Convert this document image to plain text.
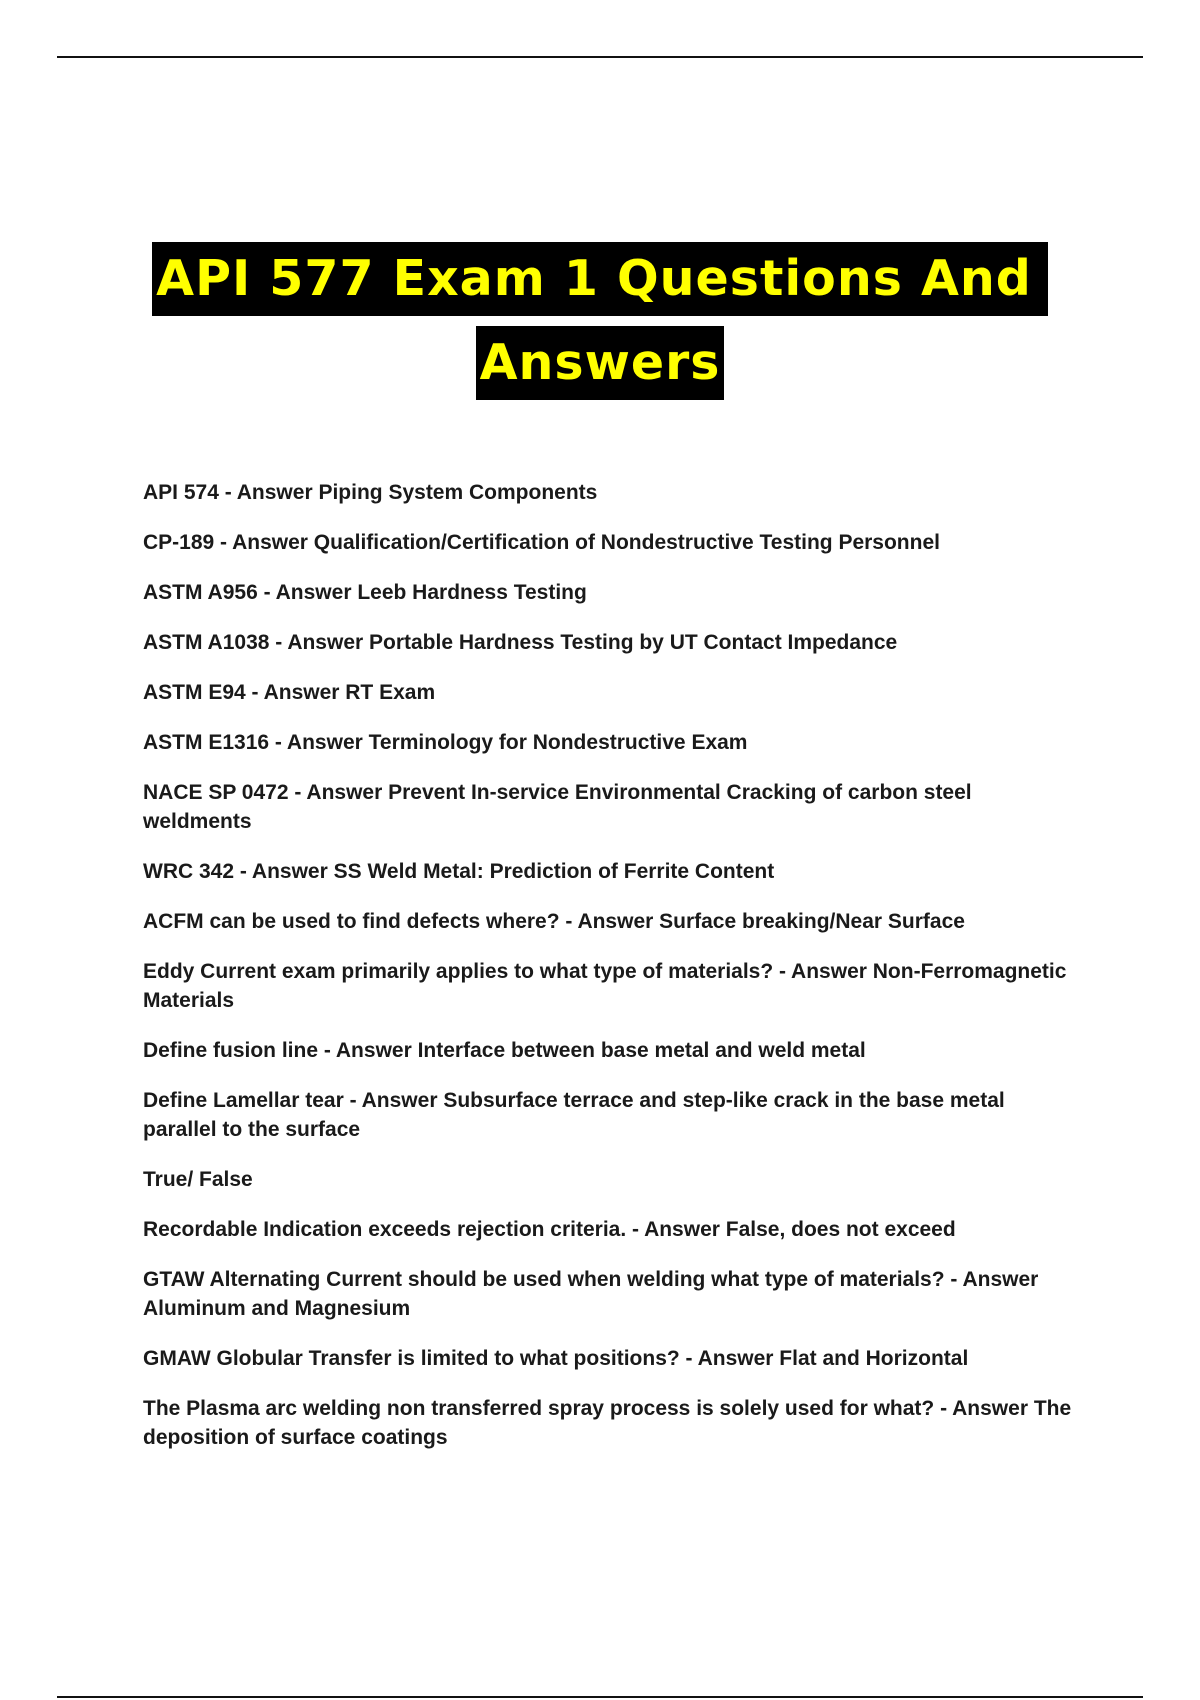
API 577 Exam 1 Questions And
Answers
API 574 - Answer Piping System Components
CP-189 - Answer Qualification/Certification of Nondestructive Testing Personnel
ASTM A956 - Answer Leeb Hardness Testing
ASTM A1038 - Answer Portable Hardness Testing by UT Contact Impedance
ASTM E94 - Answer RT Exam
ASTM E1316 - Answer Terminology for Nondestructive Exam
NACE SP 0472 - Answer Prevent In-service Environmental Cracking of carbon steel weldments
WRC 342 - Answer SS Weld Metal: Prediction of Ferrite Content
ACFM can be used to find defects where? - Answer Surface breaking/Near Surface
Eddy Current exam primarily applies to what type of materials? - Answer Non-Ferromagnetic Materials
Define fusion line - Answer Interface between base metal and weld metal
Define Lamellar tear - Answer Subsurface terrace and step-like crack in the base metal parallel to the surface
True/ False
Recordable Indication exceeds rejection criteria. - Answer False, does not exceed
GTAW Alternating Current should be used when welding what type of materials? - Answer Aluminum and Magnesium
GMAW Globular Transfer is limited to what positions? - Answer Flat and Horizontal
The Plasma arc welding non transferred spray process is solely used for what? - Answer The deposition of surface coatings
